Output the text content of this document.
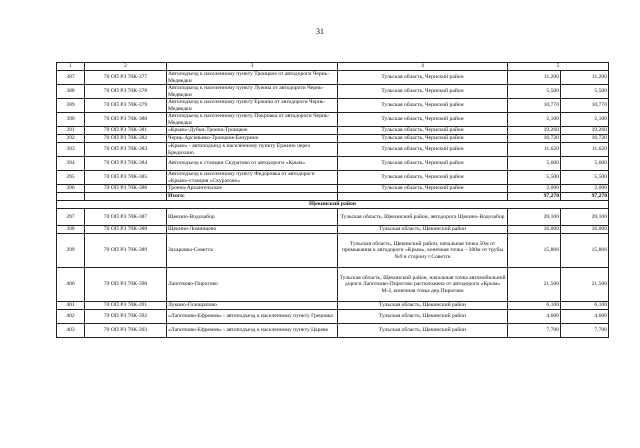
31
1	2	3	4	5	
387	70 ОП РЗ 70К-377	Автоподъезд к населенному пункту Троицкое от автодороги Чернь-Медведки	Тульская область, Чернский район	11,200	11,200
388	70 ОП РЗ 70К-378	Автоподъезд к населенному пункту Лужны от автодороги Чернь-Медведки	Тульская область, Чернский район	5,500	5,500
389	70 ОП РЗ 70К-379	Автоподъезд к населенному пункту Ержино от автодороги Чернь-Медведки	Тульская область, Чернский район	10,770	10,770
390	70 ОП РЗ 70К-380	Автоподъезд к населенному пункту Покровка от автодороги Чернь-Медведки	Тульская область, Чернский район	2,100	2,100
391	70 ОП РЗ 70К-381	«Крым»-Дубки-Троена-Троицкое	Тульская область, Чернский район	19,260	19,260
392	70 ОП РЗ 70К-382	Чернь-Арсеньево-Троицкое-Бачурино	Тульская область, Чернский район	16,720	16,720
393	70 ОП РЗ 70К-383	«Крым» - автоподъезд к населенному пункту Ержино через Бредихино	Тульская область, Чернский район	11,620	11,620
394	70 ОП РЗ 70К-384	Автоподъезд к станции Скуратово от автодороги «Крым»	Тульская область, Чернский район	5,600	5,600
395	70 ОП РЗ 70К-385	Автоподъезд к населенному пункту Федоровка от автодороги «Крым»-станция «Скуратово»	Тульская область, Чернский район	5,500	5,500
396	70 ОП РЗ 70К-386	Троена-Архангельское	Тульская область, Чернский район	2,000	2,000
		Итого:		97,270	97,270
Щекинский район					
397	70 ОП РЗ 70К-387	Щекино-Водозабор	Тульская область, Щекинский район, автодорога Щекино-Водозабор	20,100	20,100
398	70 ОП РЗ 70К-388	Щекино-Ломинцево	Тульская область, Щекинский район	16,000	16,000
399	70 ОП РЗ 70К-389	Захаровка-Советск	Тульская область, Щекинский район, начальная точка 50м от примыкания к автодороги «Крым», конечная точка – 300м от трубы №9 в сторону г.Советск	15,866	15,866
400	70 ОП РЗ 70К-390	Лапотково-Пирогово	Тульская область, Щекинский район, начальная точка автомобильной дороги Лапотково-Пирогово расположена от автодороги «Крым» М-2, конечная точка дер.Пирогово	21,500	21,500
401	70 ОП РЗ 70К-391	Лукино-Голощапово	Тульская область, Щекинский район	6,100	6,100
402	70 ОП РЗ 70К-392	«Лапотково-Ефремов» - автоподъезд к населенному пункту Грецовка	Тульская область, Щекинский район	4,600	4,600
403	70 ОП РЗ 70К-393	«Лапотково-Ефремов» - автоподъезд к населенному пункту Царево	Тульская область, Щекинский район	7,700	7,700
